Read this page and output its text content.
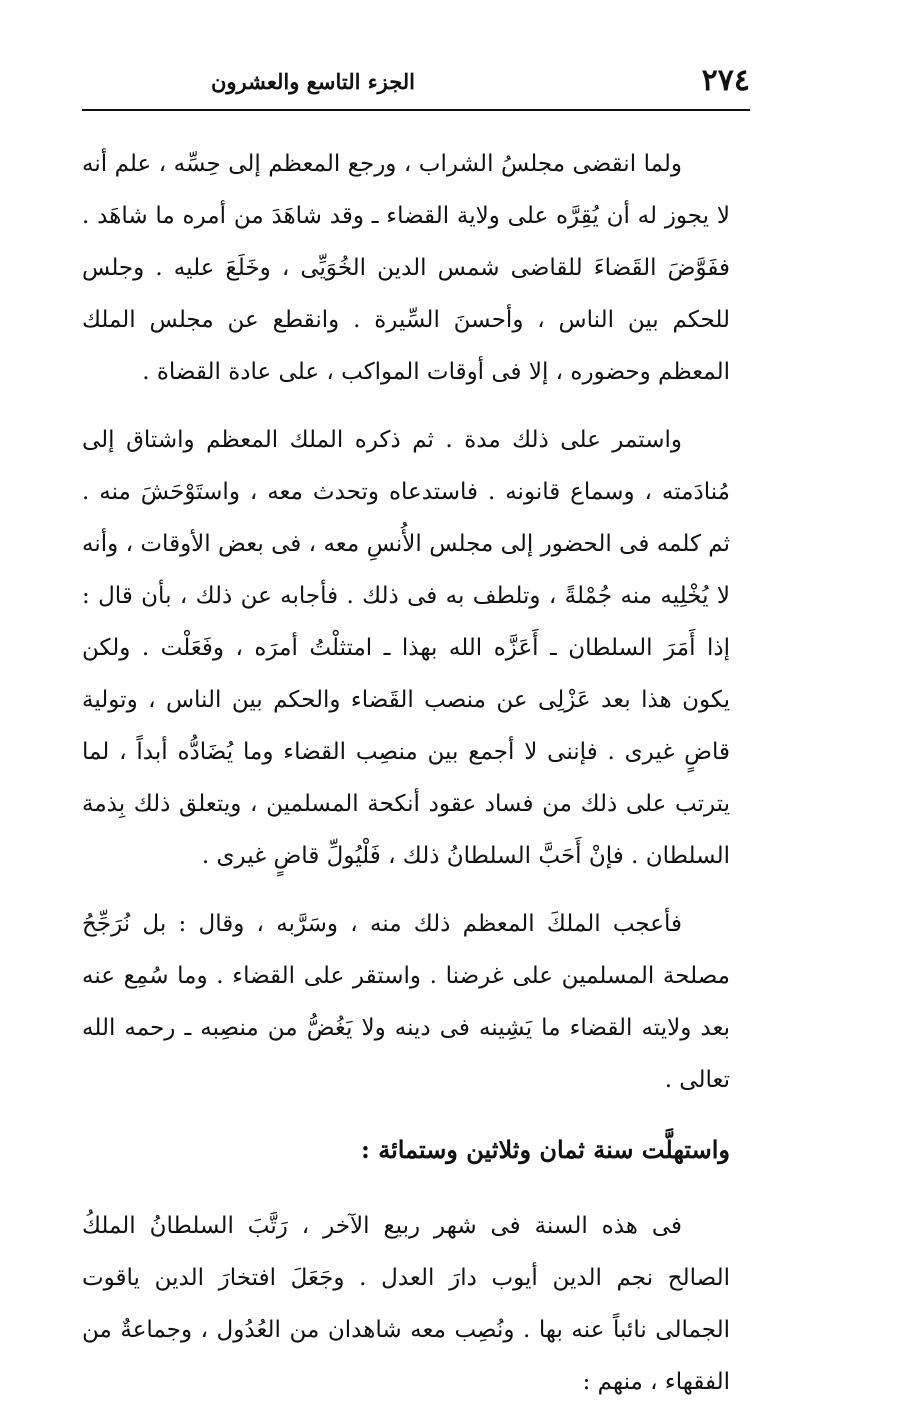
٢٧٤
الجزء التاسع والعشرون

ولما انقضى مجلسُ الشراب ، ورجع المعظم إلى حِسِّه ، علم أنه لا يجوز له أن يُقِرَّه على ولاية القضاء ـ وقد شاهَدَ من أمره ما شاهَد . ففَوَّضَ القَضاءَ للقاضى شمس الدين الخُوَيِّى ، وخَلَعَ عليه . وجلس للحكم بين الناس ، وأحسنَ السِّيرة . وانقطع عن مجلس الملك المعظم وحضوره ، إلا فى أوقات المواكب ، على عادة القضاة .

واستمر على ذلك مدة . ثم ذكره الملك المعظم واشتاق إلى مُنادَمته ، وسماع قانونه . فاستدعاه وتحدث معه ، واستَوْحَشَ منه . ثم كلمه فى الحضور إلى مجلس الأُنسِ معه ، فى بعض الأوقات ، وأنه لا يُخْلِيه منه جُمْلةً ، وتلطف به فى ذلك . فأجابه عن ذلك ، بأن قال : إذا أَمَرَ السلطان ـ أَعَزَّه الله بهذا ـ امتثلْتُ أمرَه ، وفَعَلْت . ولكن يكون هذا بعد عَزْلِى عن منصب القَضاء والحكم بين الناس ، وتولية قاضٍ غيرى . فإننى لا أجمع بين منصِب القضاء وما يُضَادُّه أبداً ، لما يترتب على ذلك من فساد عقود أنكحة المسلمين ، ويتعلق ذلك بِذمة السلطان . فإنْ أَحَبَّ السلطانُ ذلك ، فَلْيُولِّ قاضٍ غيرى .

فأعجب الملكَ المعظم ذلك منه ، وسَرَّبه ، وقال : بل نُرَجِّحُ مصلحة المسلمين على غرضنا . واستقر على القضاء . وما سُمِع عنه بعد ولايته القضاء ما يَشِينه فى دينه ولا يَغُضُّ من منصِبه ـ رحمه الله تعالى .

واستهلَّت سنة ثمان وثلاثين وستمائة :

فى هذه السنة فى شهر ربيع الآخر ، رَتَّبَ السلطانُ الملكُ الصالح نجم الدين أيوب دارَ العدل . وجَعَلَ افتخارَ الدين ياقوت الجمالى نائباً عنه بها . ونُصِب معه شاهدان من العُدُول ، وجماعةٌ من الفقهاء ، منهم :
